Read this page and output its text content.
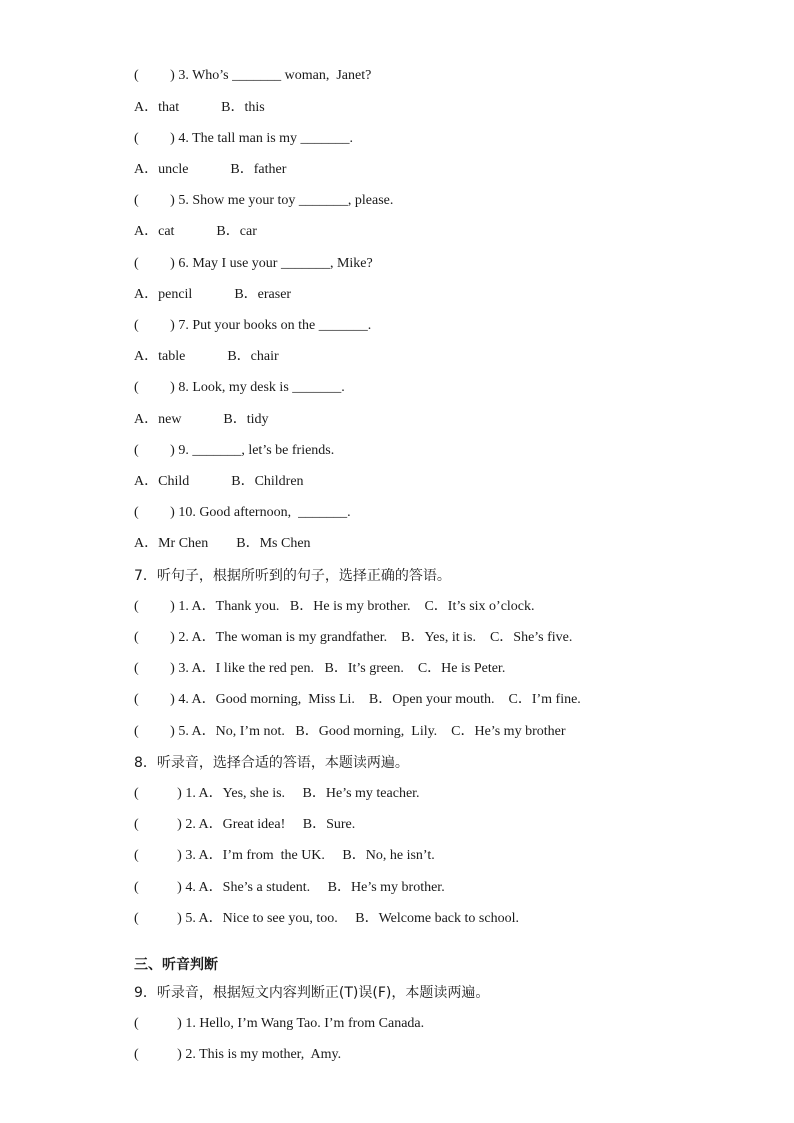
(         ) 3. Who’s _______ woman,  Janet?
A．that            B．this
(         ) 4. The tall man is my _______.
A．uncle            B．father
(         ) 5. Show me your toy _______, please.
A．cat            B．car
(         ) 6. May I use your _______, Mike?
A．pencil            B．eraser
(         ) 7. Put your books on the _______.
A．table            B．chair
(         ) 8. Look, my desk is _______.
A．new            B．tidy
(         ) 9. _______, let’s be friends.
A．Child            B．Children
(         ) 10. Good afternoon,  _______.
A．Mr Chen        B．Ms Chen
7．听句子，根据所听到的句子，选择正确的答语。
(         ) 1. A．Thank you.   B．He is my brother.    C．It’s six o’clock.
(         ) 2. A．The woman is my grandfather.    B．Yes, it is.    C．She’s five.
(         ) 3. A．I like the red pen.   B．It’s green.    C．He is Peter.
(         ) 4. A．Good morning,  Miss Li.    B．Open your mouth.    C．I’m fine.
(         ) 5. A．No, I’m not.   B．Good morning,  Lily.    C．He’s my brother
8．听录音，选择合适的答语，本题读两遍。
(           ) 1. A．Yes, she is.     B．He’s my teacher.
(           ) 2. A．Great idea!     B．Sure.
(           ) 3. A．I’m from  the UK.     B．No, he isn’t.
(           ) 4. A．She’s a student.     B．He’s my brother.
(           ) 5. A．Nice to see you, too.     B．Welcome back to school.
三、听音判断
9．听录音，根据短文内容判断正(T)误(F)，本题读两遍。
(           ) 1. Hello, I’m Wang Tao. I’m from Canada.
(           ) 2. This is my mother,  Amy.
